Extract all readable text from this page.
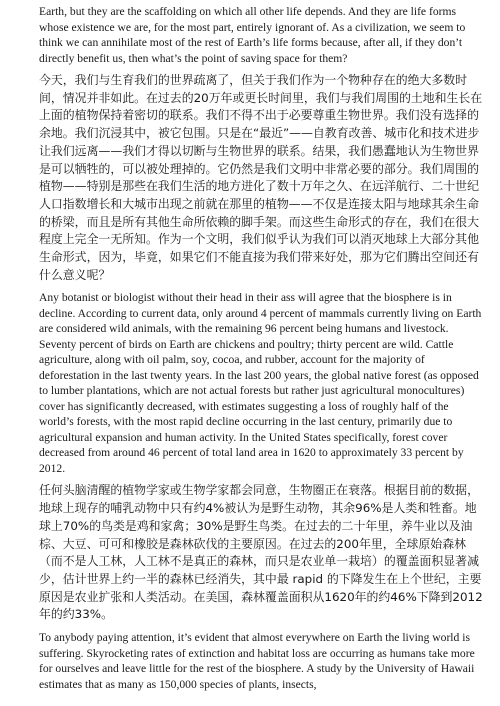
Earth, but they are the scaffolding on which all other life depends. And they are life forms whose existence we are, for the most part, entirely ignorant of. As a civilization, we seem to think we can annihilate most of the rest of Earth’s life forms because, after all, if they don’t directly benefit us, then what’s the point of saving space for them?

今天，我们与生育我们的世界疏离了，但关于我们作为一个物种存在的绝大多数时间，情况并非如此。在过去的20万年或更长时间里，我们与我们周围的土地和生长在上面的植物保持着密切的联系。我们不得不出于必要尊重生物世界。我们没有选择的余地。我们沉浸其中，被它包围。只是在“最近”——自教育改善、城市化和技术进步让我们远离——我们才得以切断与生物世界的联系。结果，我们愚蠢地认为生物世界是可以牺牲的，可以被处理掉的。它仍然是我们文明中非常必要的部分。我们周围的植物——特别是那些在我们生活的地方进化了数十万年之久、在远洋航行、二十世纪人口指数增长和大城市出现之前就在那里的植物——不仅是连接太阳与地球其余生命的桥梁，而且是所有其他生命所依赖的脚手架。而这些生命形式的存在，我们在很大程度上完全一无所知。作为一个文明，我们似乎认为我们可以消灭地球上大部分其他生命形式，因为，毕竟，如果它们不能直接为我们带来好处，那为它们腾出空间还有什么意义呢？

Any botanist or biologist without their head in their ass will agree that the biosphere is in decline. According to current data, only around 4 percent of mammals currently living on Earth are considered wild animals, with the remaining 96 percent being humans and livestock. Seventy percent of birds on Earth are chickens and poultry; thirty percent are wild. Cattle agriculture, along with oil palm, soy, cocoa, and rubber, account for the majority of deforestation in the last twenty years. In the last 200 years, the global native forest (as opposed to lumber plantations, which are not actual forests but rather just agricultural monocultures) cover has significantly decreased, with estimates suggesting a loss of roughly half of the world’s forests, with the most rapid decline occurring in the last century, primarily due to agricultural expansion and human activity. In the United States specifically, forest cover decreased from around 46 percent of total land area in 1620 to approximately 33 percent by 2012.

任何头脑清醒的植物学家或生物学家都会同意，生物圈正在衰落。根据目前的数据，地球上现存的哺乳动物中只有约4%被认为是野生动物，其余96%是人类和牲畜。地球上70%的鸟类是鸡和家禽；30%是野生鸟类。在过去的二十年里，养牛业以及油棕、大豆、可可和橡胶是森林砍伐的主要原因。在过去的200年里，全球原始森林（而不是人工林，人工林不是真正的森林，而只是农业单一栽培）的覆盖面积显著减少，估计世界上约一半的森林已经消失，其中最 rapid 的下降发生在上个世纪，主要原因是农业扩张和人类活动。在美国，森林覆盖面积从1620年的约46%下降到2012年的约33%。

To anybody paying attention, it’s evident that almost everywhere on Earth the living world is suffering. Skyrocketing rates of extinction and habitat loss are occurring as humans take more for ourselves and leave little for the rest of the biosphere. A study by the University of Hawaii estimates that as many as 150,000 species of plants, insects,
